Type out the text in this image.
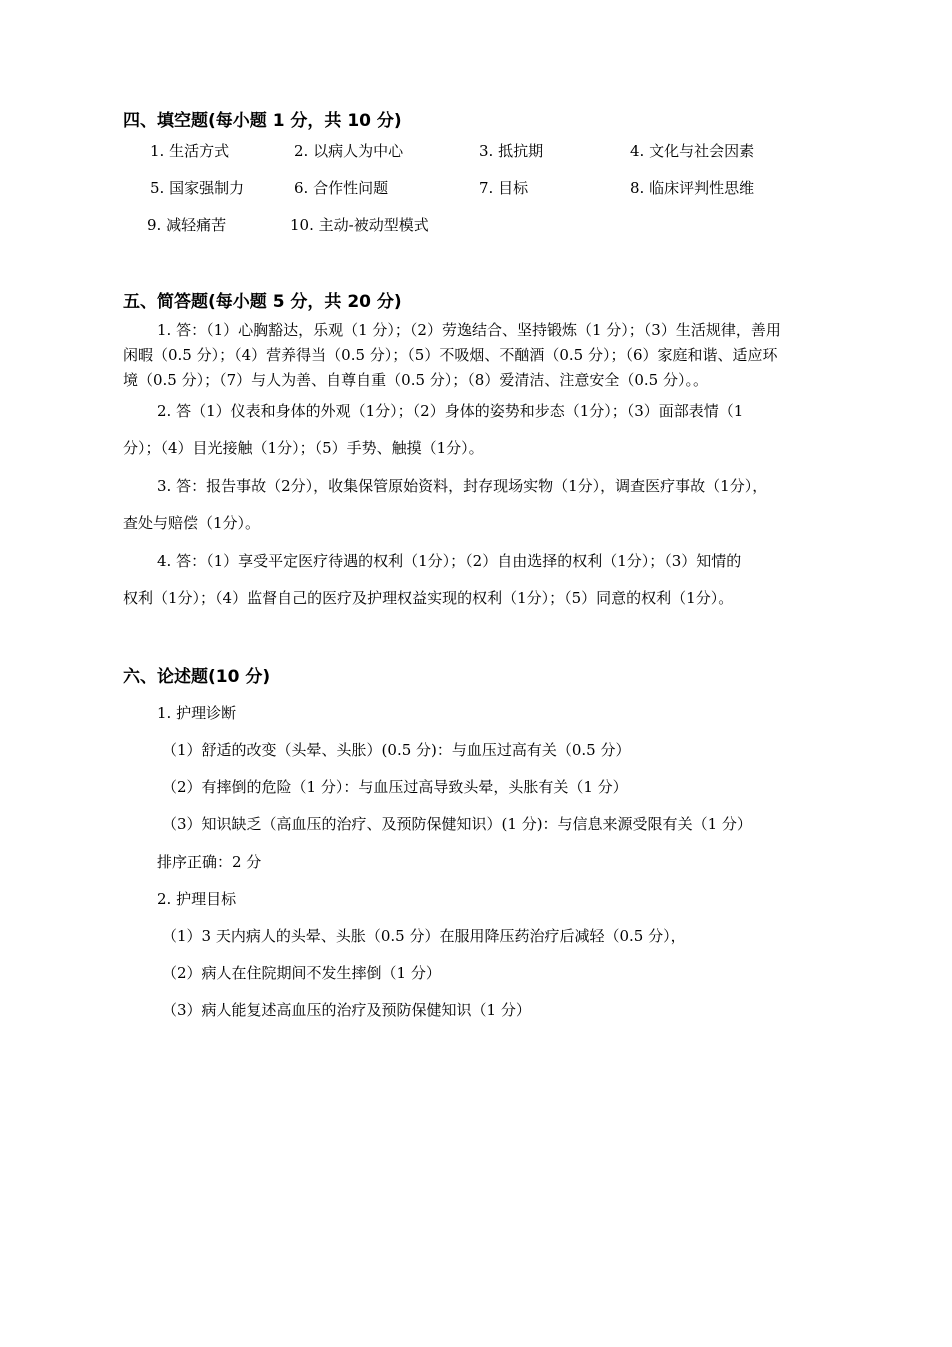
四、填空题(每小题 1 分，共 10 分)
1. 生活方式	2. 以病人为中心	3. 抵抗期	4. 文化与社会因素
5. 国家强制力	6. 合作性问题	7. 目标	8. 临床评判性思维
9. 减轻痛苦	10. 主动-被动型模式
五、简答题(每小题 5 分，共 20 分)
1. 答：（1）心胸豁达，乐观（1 分）；（2）劳逸结合、坚持锻炼（1 分）；（3）生活规律，善用
闲暇（0.5 分）；（4）营养得当（0.5 分）；（5）不吸烟、不酗酒（0.5 分）；（6）家庭和谐、适应环
境（0.5 分）；（7）与人为善、自尊自重（0.5 分）；（8）爱清洁、注意安全（0.5 分）。。
2. 答（1）仪表和身体的外观（1分）；（2）身体的姿势和步态（1分）；（3）面部表情（1
分）；（4）目光接触（1分）；（5）手势、触摸（1分）。
3. 答：报告事故（2分），收集保管原始资料，封存现场实物（1分），调查医疗事故（1分），
查处与赔偿（1分）。
4. 答：（1）享受平定医疗待遇的权利（1分）；（2）自由选择的权利（1分）；（3）知情的
权利（1分）；（4）监督自己的医疗及护理权益实现的权利（1分）；（5）同意的权利（1分）。
六、论述题(10 分)
1. 护理诊断
（1）舒适的改变（头晕、头胀）(0.5 分)：与血压过高有关（0.5 分）
（2）有摔倒的危险（1 分）：与血压过高导致头晕，头胀有关（1 分）
（3）知识缺乏（高血压的治疗、及预防保健知识）(1 分)：与信息来源受限有关（1 分）
排序正确：2 分
2. 护理目标
（1）3 天内病人的头晕、头胀（0.5 分）在服用降压药治疗后减轻（0.5 分），
（2）病人在住院期间不发生摔倒（1 分）
（3）病人能复述高血压的治疗及预防保健知识（1 分）
